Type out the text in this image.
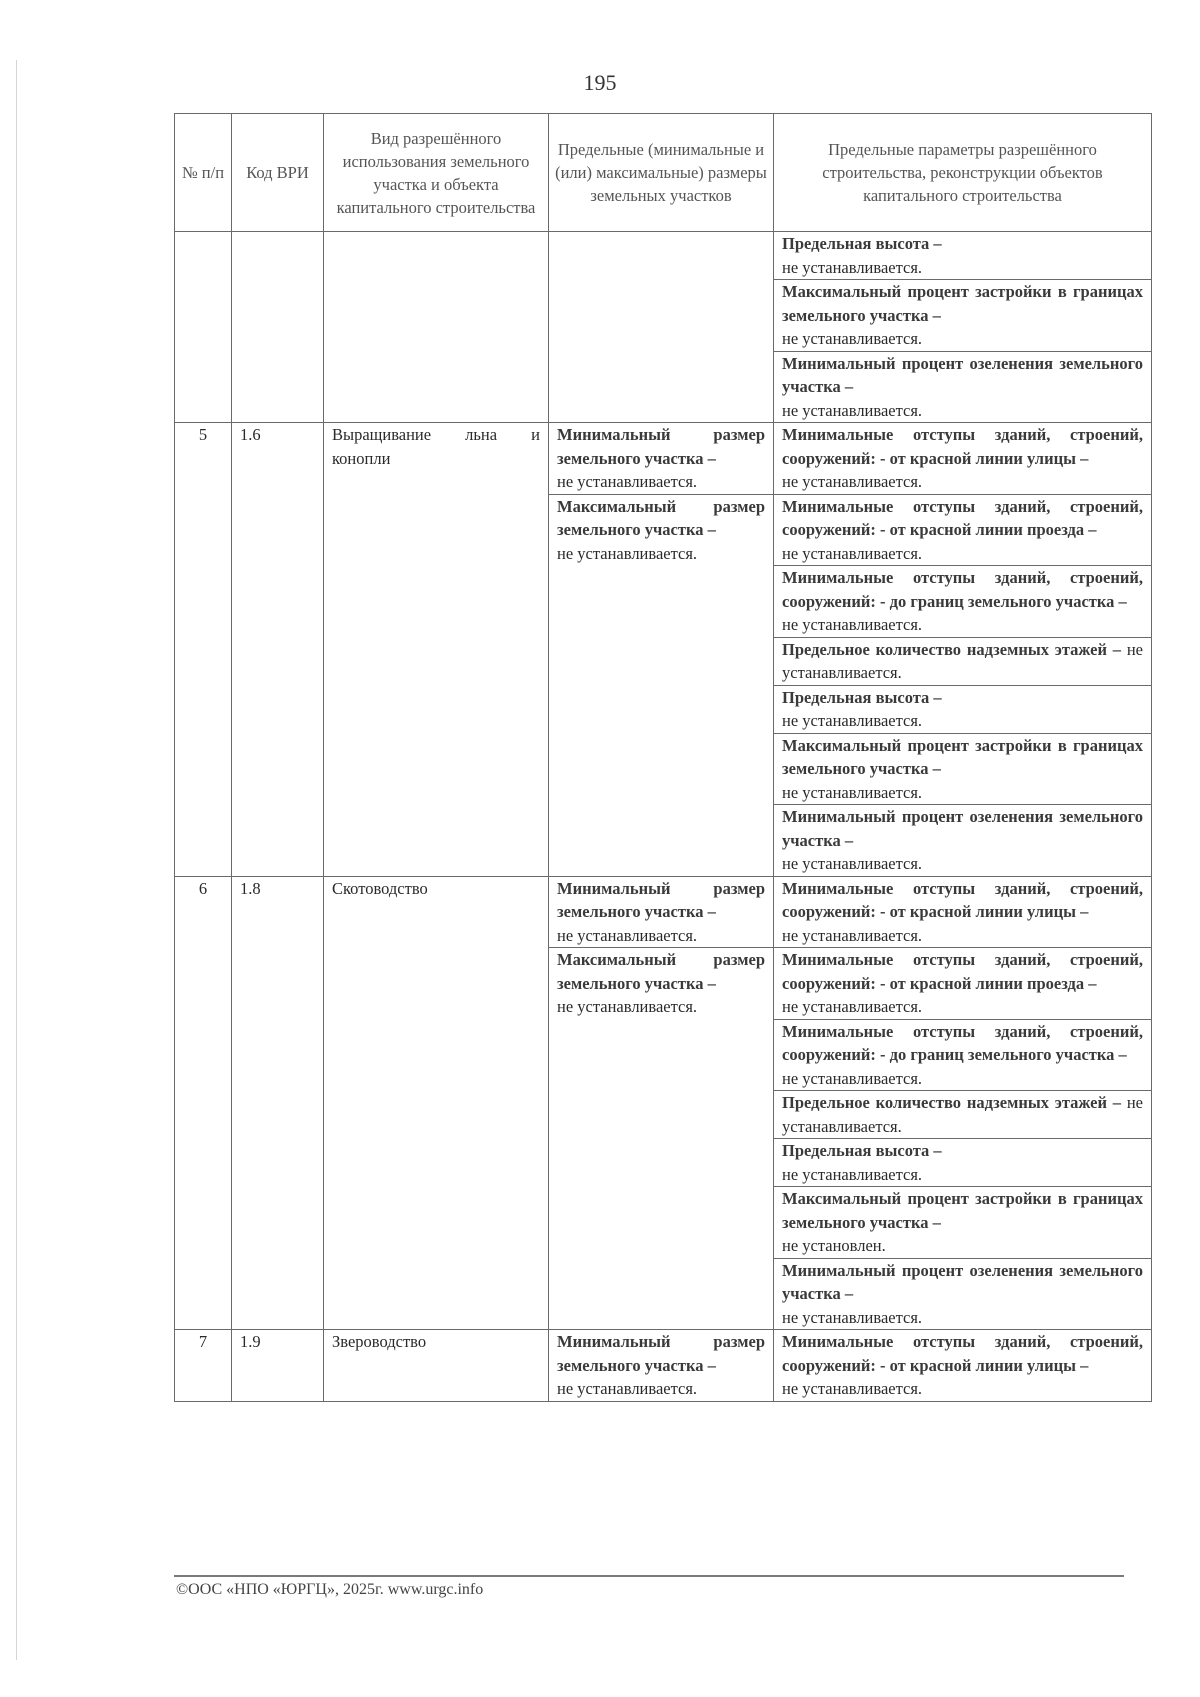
195
№ п/п	Код ВРИ	Вид разрешённого использования земельного участка и объекта капитального строительства	Предельные (минимальные и (или) максимальные) размеры земельных участков	Предельные параметры разрешённого строительства, реконструкции объектов капитального строительства
				Предельная высота –
не устанавливается.

				Максимальный процент застройки в границах земельного участка –
не устанавливается.

				Минимальный процент озеленения земельного участка –
не устанавливается.

5	1.6	Выращивание льна и конопли	Минимальный размер земельного участка –
не устанавливается.	Минимальные отступы зданий, строений, сооружений: - от красной линии улицы –
не устанавливается.

			Максимальный размер земельного участка –
не устанавливается.	Минимальные отступы зданий, строений, сооружений: - от красной линии проезда –
не устанавливается.

				Минимальные отступы зданий, строений, сооружений: - до границ земельного участка –
не устанавливается.

				Предельное количество надземных этажей – не устанавливается.
				Предельная высота –
не устанавливается.

				Максимальный процент застройки в границах земельного участка –
не устанавливается.

				Минимальный процент озеленения земельного участка –
не устанавливается.

6	1.8	Скотоводство	Минимальный размер земельного участка –
не устанавливается.	Минимальные отступы зданий, строений, сооружений: - от красной линии улицы –
не устанавливается.

			Максимальный размер земельного участка –
не устанавливается.	Минимальные отступы зданий, строений, сооружений: - от красной линии проезда –
не устанавливается.

				Минимальные отступы зданий, строений, сооружений: - до границ земельного участка –
не устанавливается.

				Предельное количество надземных этажей – не устанавливается.
				Предельная высота –
не устанавливается.

				Максимальный процент застройки в границах земельного участка –
не установлен.

				Минимальный процент озеленения земельного участка –
не устанавливается.

7	1.9	Звероводство	Минимальный размер земельного участка –
не устанавливается.	Минимальные отступы зданий, строений, сооружений: - от красной линии улицы –
не устанавливается.
©ООС «НПО «ЮРГЦ», 2025г. www.urgc.info
